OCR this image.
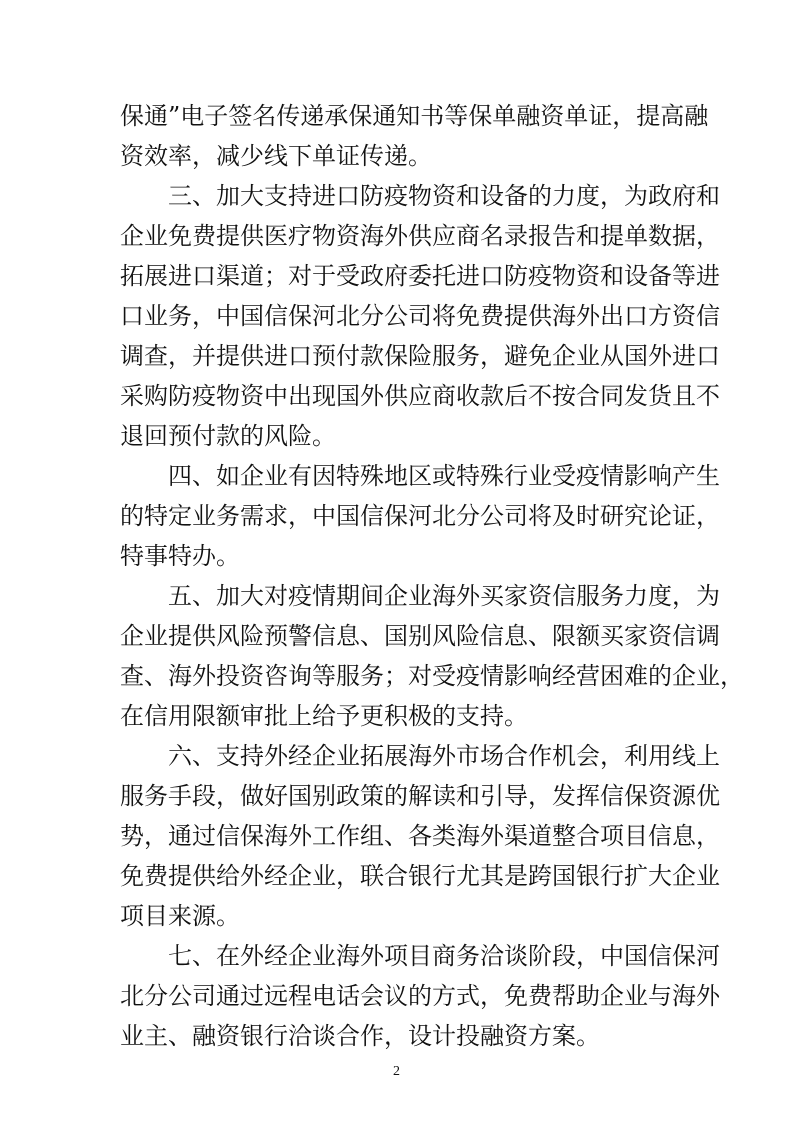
保通”电子签名传递承保通知书等保单融资单证，提高融
资效率，减少线下单证传递。
三、加大支持进口防疫物资和设备的力度，为政府和
企业免费提供医疗物资海外供应商名录报告和提单数据，
拓展进口渠道；对于受政府委托进口防疫物资和设备等进
口业务，中国信保河北分公司将免费提供海外出口方资信
调查，并提供进口预付款保险服务，避免企业从国外进口
采购防疫物资中出现国外供应商收款后不按合同发货且不
退回预付款的风险。
四、如企业有因特殊地区或特殊行业受疫情影响产生
的特定业务需求，中国信保河北分公司将及时研究论证，
特事特办。
五、加大对疫情期间企业海外买家资信服务力度，为
企业提供风险预警信息、国别风险信息、限额买家资信调
查、海外投资咨询等服务；对受疫情影响经营困难的企业，
在信用限额审批上给予更积极的支持。
六、支持外经企业拓展海外市场合作机会，利用线上
服务手段，做好国别政策的解读和引导，发挥信保资源优
势，通过信保海外工作组、各类海外渠道整合项目信息，
免费提供给外经企业，联合银行尤其是跨国银行扩大企业
项目来源。
七、在外经企业海外项目商务洽谈阶段，中国信保河
北分公司通过远程电话会议的方式，免费帮助企业与海外
业主、融资银行洽谈合作，设计投融资方案。
2
